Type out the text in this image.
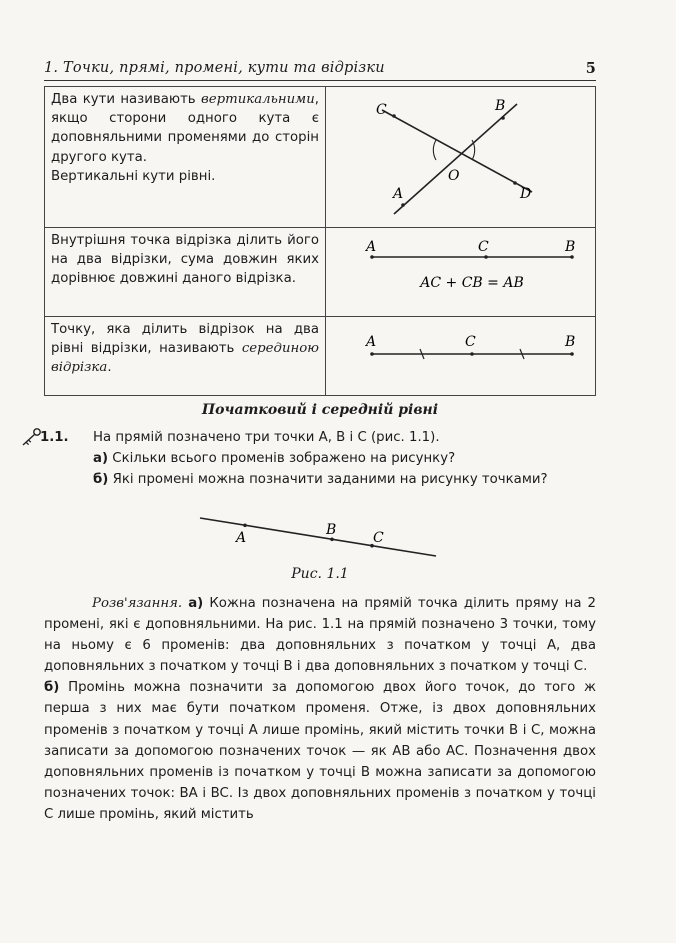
1. Точки, прямі, промені, кути та відрізки	5
Два кути називають вертикальними, якщо сторони одного кута є доповняльними променями до сторін другого кута.
Вертикальні кути рівні.	C B
A D
O

Внутрішня точка відрізка ділить його на два відрізки, сума довжин яких дорівнює довжині даного відрізка.	A C B
AC + CB = AB

Точку, яка ділить відрізок на два рівні відрізки, називають серединою відрізка.	A C B
Початковий і середній рівні
1.1. На прямій позначено три точки A, B і C (рис. 1.1).
а) Скільки всього променів зображено на рисунку?
б) Які промені можна позначити заданими на рисунку точками?
A	B	C
Рис. 1.1

Розв'язання. а) Кожна позначена на прямій точка ділить пряму на 2 промені, які є доповняльними. На рис. 1.1 на прямій позначено 3 точки, тому на ньому є 6 променів: два доповняльних з початком у точці A, два доповняльних з початком у точці B і два доповняльних з початком у точці C.

б) Промінь можна позначити за допомогою двох його точок, до того ж перша з них має бути початком променя. Отже, із двох доповняльних променів з початком у точці A лише промінь, який містить точки B і C, можна записати за допомогою позначених точок — як AB або AC. Позначення двох доповняльних променів із початком у точці B можна записати за допомогою позначених точок: BA і BC. Із двох доповняльних променів з початком у точці C лише промінь, який містить
